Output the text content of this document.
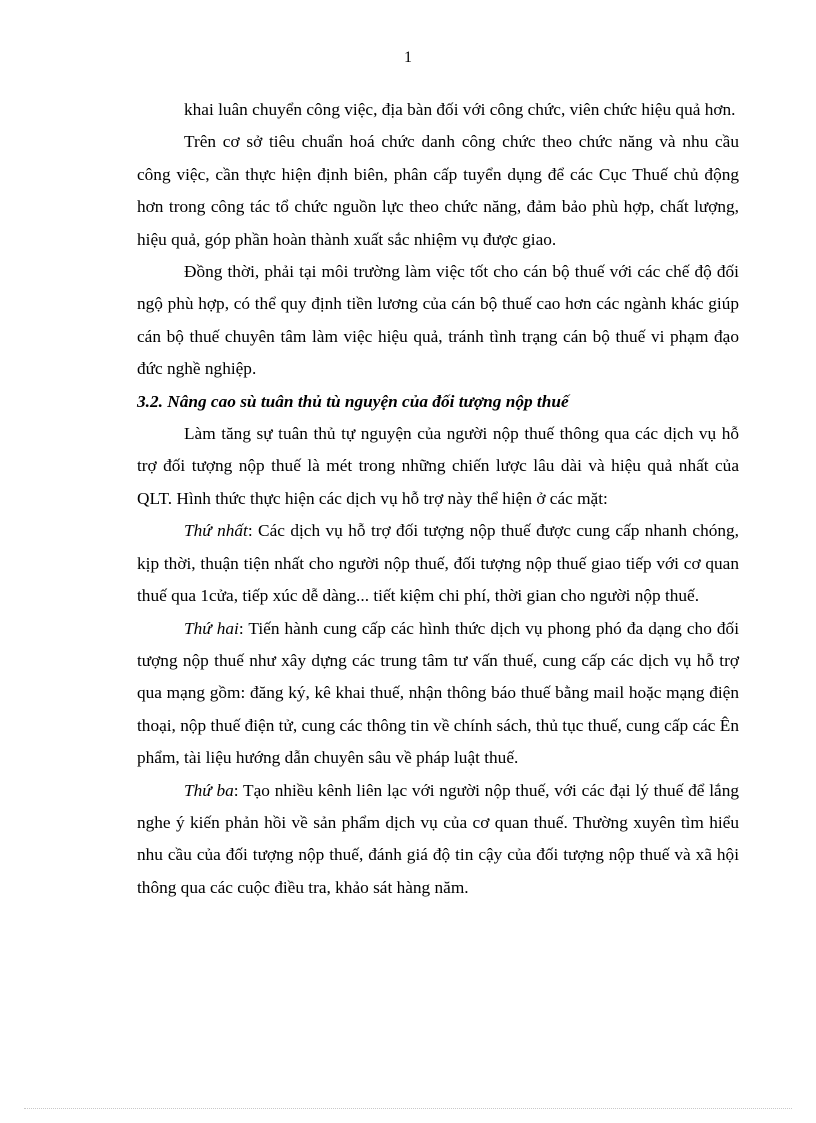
1

khai luân chuyển công việc, địa bàn đối với công chức, viên chức hiệu quả hơn.

Trên cơ sở tiêu chuẩn hoá chức danh công chức theo chức năng và nhu cầu công việc, cần thực hiện định biên, phân cấp tuyển dụng để các Cục Thuế chủ động hơn trong công tác tổ chức nguồn lực theo chức năng, đảm bảo phù hợp, chất lượng, hiệu quả, góp phần hoàn thành xuất sắc nhiệm vụ được giao.

Đồng thời, phải tại môi trường làm việc tốt cho cán bộ thuế với các chế độ đối ngộ phù hợp, có thể quy định tiền lương của cán bộ thuế cao hơn các ngành khác giúp cán bộ thuế chuyên tâm làm việc hiệu quả, tránh tình trạng cán bộ thuế vi phạm đạo đức nghề nghiệp.

3.2. Nâng cao sù tuân thủ tù nguyện của đối tượng nộp thuế

Làm tăng sự tuân thủ tự nguyện của người nộp thuế thông qua các dịch vụ hỗ trợ đối tượng nộp thuế là mét trong những chiến lược lâu dài và hiệu quả nhất của QLT. Hình thức thực hiện các dịch vụ hỗ trợ này thể hiện ở các mặt:

Thứ nhất: Các dịch vụ hỗ trợ đối tượng nộp thuế được cung cấp nhanh chóng, kịp thời, thuận tiện nhất cho người nộp thuế, đối tượng nộp thuế giao tiếp với cơ quan thuế qua 1cửa, tiếp xúc dễ dàng... tiết kiệm chi phí, thời gian cho người nộp thuế.

Thứ hai: Tiến hành cung cấp các hình thức dịch vụ phong phó đa dạng cho đối tượng nộp thuế như xây dựng các trung tâm tư vấn thuế, cung cấp các dịch vụ hỗ trợ qua mạng gồm: đăng ký, kê khai thuế, nhận thông báo thuế bằng mail hoặc mạng điện thoại, nộp thuế điện tử, cung các thông tin về chính sách, thủ tục thuế, cung cấp các Ên phẩm, tài liệu hướng dẫn chuyên sâu về pháp luật thuế.

Thứ ba: Tạo nhiều kênh liên lạc với người nộp thuế, với các đại lý thuế để lắng nghe ý kiến phản hồi về sản phẩm dịch vụ của cơ quan thuế. Thường xuyên tìm hiểu nhu cầu của đối tượng nộp thuế, đánh giá độ tin cậy của đối tượng nộp thuế và xã hội thông qua các cuộc điều tra, khảo sát hàng năm.
